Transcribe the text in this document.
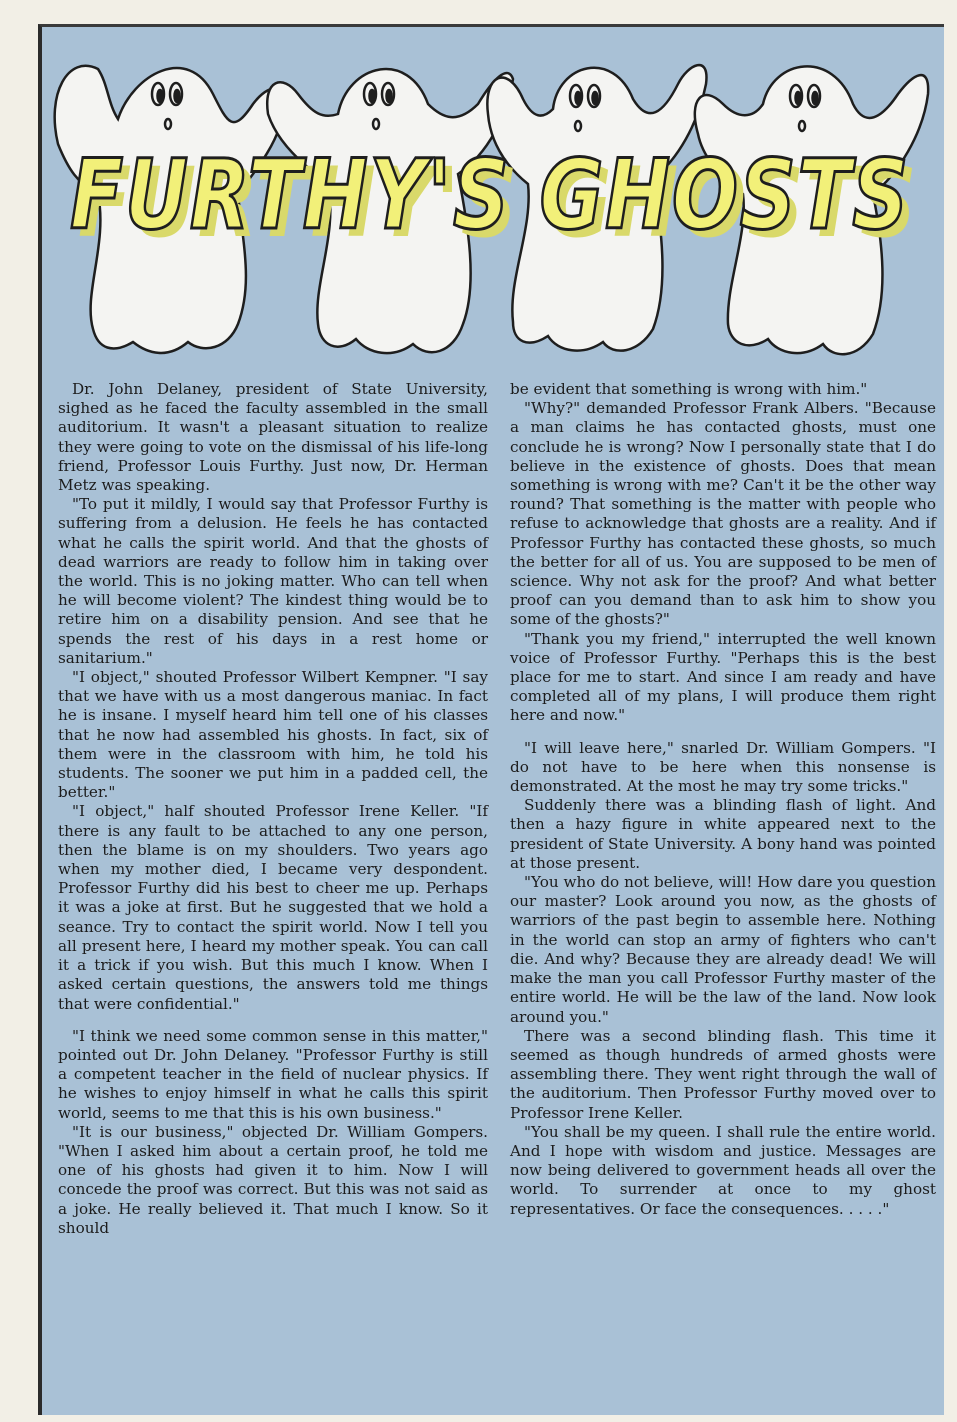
FURTHY'S GHOSTS
FURTHY'S GHOSTS

Dr. John Delaney, president of State University, sighed as he faced the faculty assembled in the small auditorium. It wasn't a pleasant situation to realize they were going to vote on the dismissal of his life-long friend, Professor Louis Furthy. Just now, Dr. Herman Metz was speaking.

"To put it mildly, I would say that Professor Furthy is suffering from a delusion. He feels he has contacted what he calls the spirit world. And that the ghosts of dead warriors are ready to follow him in taking over the world. This is no joking matter. Who can tell when he will become violent? The kindest thing would be to retire him on a disability pension. And see that he spends the rest of his days in a rest home or sanitarium."

"I object," shouted Professor Wilbert Kempner. "I say that we have with us a most dangerous maniac. In fact he is insane. I myself heard him tell one of his classes that he now had assembled his ghosts. In fact, six of them were in the classroom with him, he told his students. The sooner we put him in a padded cell, the better."

"I object," half shouted Professor Irene Keller. "If there is any fault to be attached to any one person, then the blame is on my shoulders. Two years ago when my mother died, I became very despondent. Professor Furthy did his best to cheer me up. Perhaps it was a joke at first. But he suggested that we hold a seance. Try to contact the spirit world. Now I tell you all present here, I heard my mother speak. You can call it a trick if you wish. But this much I know. When I asked certain questions, the answers told me things that were confidential."

"I think we need some common sense in this matter," pointed out Dr. John Delaney. "Professor Furthy is still a competent teacher in the field of nuclear physics. If he wishes to enjoy himself in what he calls this spirit world, seems to me that this is his own business."

"It is our business," objected Dr. William Gompers. "When I asked him about a certain proof, he told me one of his ghosts had given it to him. Now I will concede the proof was correct. But this was not said as a joke. He really believed it. That much I know. So it should

be evident that something is wrong with him."

"Why?" demanded Professor Frank Albers. "Because a man claims he has contacted ghosts, must one conclude he is wrong? Now I personally state that I do believe in the existence of ghosts. Does that mean something is wrong with me? Can't it be the other way round? That something is the matter with people who refuse to acknowledge that ghosts are a reality. And if Professor Furthy has contacted these ghosts, so much the better for all of us. You are supposed to be men of science. Why not ask for the proof? And what better proof can you demand than to ask him to show you some of the ghosts?"

"Thank you my friend," interrupted the well known voice of Professor Furthy. "Perhaps this is the best place for me to start. And since I am ready and have completed all of my plans, I will produce them right here and now."

"I will leave here," snarled Dr. William Gompers. "I do not have to be here when this nonsense is demonstrated. At the most he may try some tricks."

Suddenly there was a blinding flash of light. And then a hazy figure in white appeared next to the president of State University. A bony hand was pointed at those present.

"You who do not believe, will! How dare you question our master? Look around you now, as the ghosts of warriors of the past begin to assemble here. Nothing in the world can stop an army of fighters who can't die. And why? Because they are already dead! We will make the man you call Professor Furthy master of the entire world. He will be the law of the land. Now look around you."

There was a second blinding flash. This time it seemed as though hundreds of armed ghosts were assembling there. They went right through the wall of the auditorium. Then Professor Furthy moved over to Professor Irene Keller.

"You shall be my queen. I shall rule the entire world. And I hope with wisdom and justice. Messages are now being delivered to government heads all over the world. To surrender at once to my ghost representatives. Or face the consequences. . . . ."
